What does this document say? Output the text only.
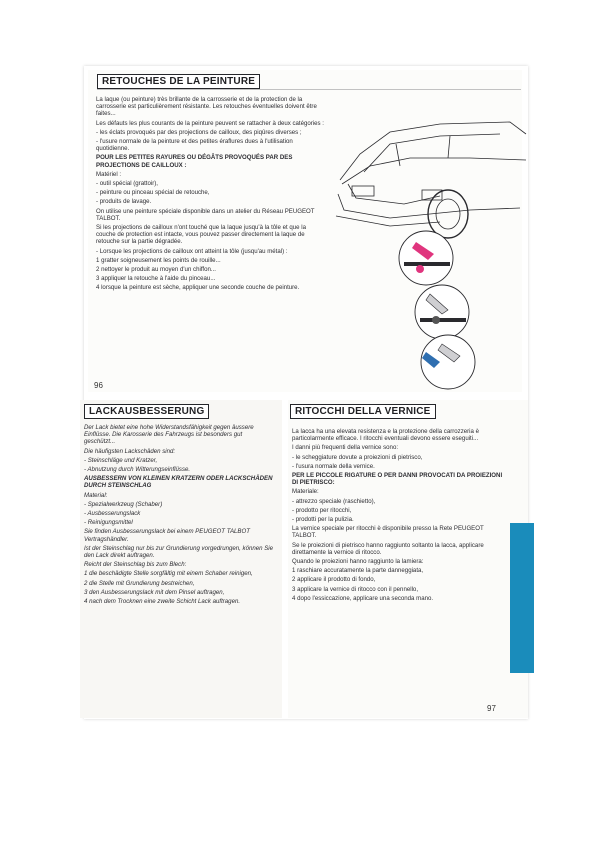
RETOUCHES DE LA PEINTURE

La laque (ou peinture) très brillante de la carrosserie et de la protection de la carrosserie est particulièrement résistante. Les retouches éventuelles doivent être faites...

Les défauts les plus courants de la peinture peuvent se rattacher à deux catégories :

- les éclats provoqués par des projections de cailloux, des piqûres diverses ;

- l'usure normale de la peinture et des petites éraflures dues à l'utilisation quotidienne.

POUR LES PETITES RAYURES OU DÉGÂTS PROVOQUÉS PAR DES PROJECTIONS DE CAILLOUX :

Matériel :

- outil spécial (grattoir),

- peinture ou pinceau spécial de retouche,

- produits de lavage.

On utilise une peinture spéciale disponible dans un atelier du Réseau PEUGEOT TALBOT.

Si les projections de cailloux n'ont touché que la laque jusqu'à la tôle et que la couche de protection est intacte, vous pouvez passer directement la laque de retouche sur la partie dégradée.

- Lorsque les projections de cailloux ont atteint la tôle (jusqu'au métal) :

1 gratter soigneusement les points de rouille...

2 nettoyer le produit au moyen d'un chiffon...

3 appliquer la retouche à l'aide du pinceau...

4 lorsque la peinture est sèche, appliquer une seconde couche de peinture.

96
LACKAUSBESSERUNG

Der Lack bietet eine hohe Widerstandsfähigkeit gegen äussere Einflüsse. Die Karosserie des Fahrzeugs ist besonders gut geschützt...

Die häufigsten Lackschäden sind:

- Steinschläge und Kratzer,

- Abnutzung durch Witterungseinflüsse.

AUSBESSERN VON KLEINEN KRATZERN ODER LACKSCHÄDEN DURCH STEINSCHLAG

Material:

- Spezialwerkzeug (Schaber)

- Ausbesserungslack

- Reinigungsmittel

Sie finden Ausbesserungslack bei einem PEUGEOT TALBOT Vertragshändler.

Ist der Steinschlag nur bis zur Grundierung vorgedrungen, können Sie den Lack direkt auftragen.

Reicht der Steinschlag bis zum Blech:

1 die beschädigte Stelle sorgfältig mit einem Schaber reinigen,

2 die Stelle mit Grundierung bestreichen,

3 den Ausbesserungslack mit dem Pinsel auftragen,

4 nach dem Trocknen eine zweite Schicht Lack auftragen.

RITOCCHI DELLA VERNICE

La lacca ha una elevata resistenza e la protezione della carrozzeria è particolarmente efficace. I ritocchi eventuali devono essere eseguiti...

I danni più frequenti della vernice sono:

- le scheggiature dovute a proiezioni di pietrisco,

- l'usura normale della vernice.

PER LE PICCOLE RIGATURE O PER DANNI PROVOCATI DA PROIEZIONI DI PIETRISCO:

Materiale:

- attrezzo speciale (raschietto),

- prodotto per ritocchi,

- prodotti per la pulizia.

La vernice speciale per ritocchi è disponibile presso la Rete PEUGEOT TALBOT.

Se le proiezioni di pietrisco hanno raggiunto soltanto la lacca, applicare direttamente la vernice di ritocco.

Quando le proiezioni hanno raggiunto la lamiera:

1 raschiare accuratamente la parte danneggiata,

2 applicare il prodotto di fondo,

3 applicare la vernice di ritocco con il pennello,

4 dopo l'essiccazione, applicare una seconda mano.

97
